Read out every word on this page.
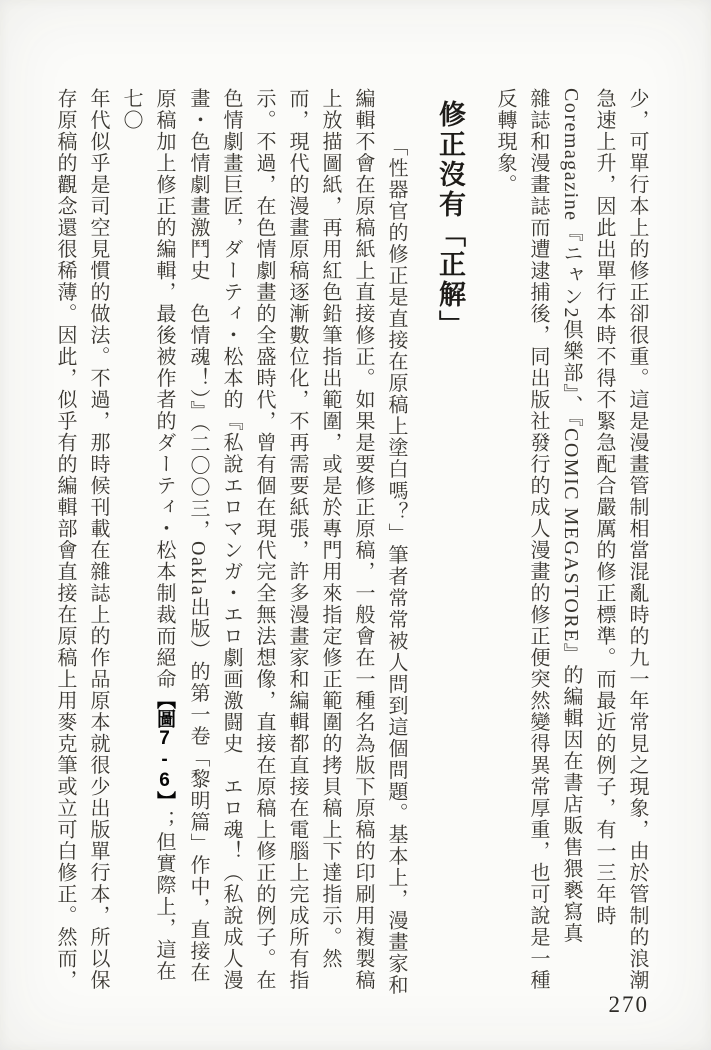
少，可單行本上的修正卻很重。這是漫畫管制相當混亂時的九一年常見之現象，由於管制的浪潮
急速上升，因此出單行本時不得不緊急配合嚴厲的修正標準。而最近的例子，有一三年時
Coremagazine『ニャン2倶樂部』、『COMIC MEGASTORE』的編輯因在書店販售猥褻寫真
雜誌和漫畫誌而遭逮捕後，同出版社發行的成人漫畫的修正便突然變得異常厚重，也可說是一種
反轉現象。
修正沒有「正解」
「性器官的修正是直接在原稿上塗白嗎？」筆者常常被人問到這個問題。基本上，漫畫家和
編輯不會在原稿紙上直接修正。如果是要修正原稿，一般會在一種名為版下原稿的印刷用複製稿
上放描圖紙，再用紅色鉛筆指出範圍，或是於專門用來指定修正範圍的拷貝稿上下達指示。然
而，現代的漫畫原稿逐漸數位化，不再需要紙張，許多漫畫家和編輯都直接在電腦上完成所有指
示。不過，在色情劇畫的全盛時代，曾有個在現代完全無法想像，直接在原稿上修正的例子。在
色情劇畫巨匠，ダーティ・松本的『私說エロマンガ・エロ劇画激闘史　エロ魂！（私說成人漫
畫・色情劇畫激鬥史　色情魂！）』（二〇〇三，Oakla出版）的第一卷「黎明篇」作中，直接在
原稿加上修正的編輯，最後被作者的ダーティ・松本制裁而絕命【圖7-6】；但實際上，這在七〇
年代似乎是司空見慣的做法。不過，那時候刊載在雜誌上的作品原本就很少出版單行本，所以保
存原稿的觀念還很稀薄。因此，似乎有的編輯部會直接在原稿上用麥克筆或立可白修正。然而，
270
